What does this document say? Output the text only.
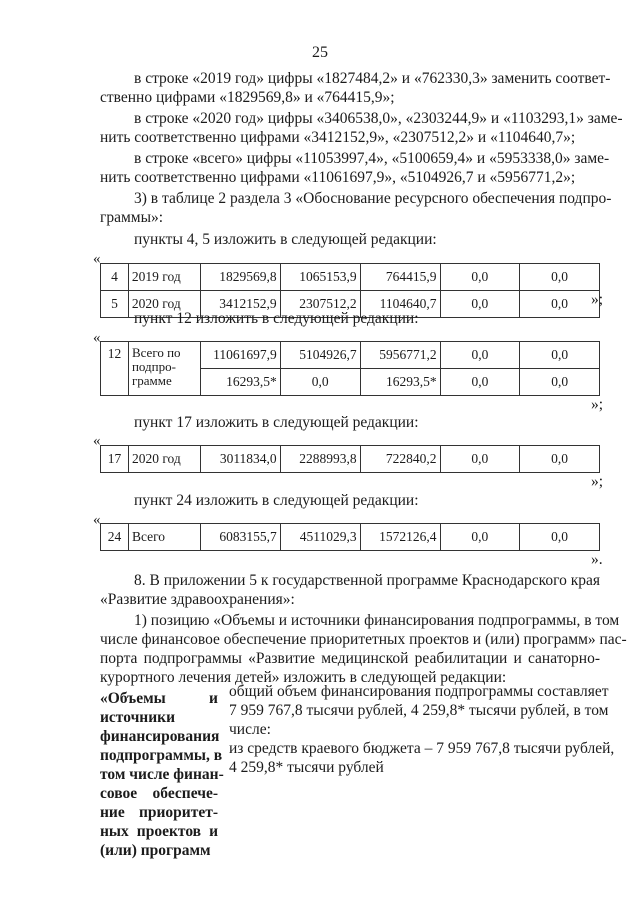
25
в строке «2019 год» цифры «1827484,2» и «762330,3» заменить соответ-
ственно цифрами «1829569,8» и «764415,9»;
в строке «2020 год» цифры «3406538,0», «2303244,9» и «1103293,1» заме-
нить соответственно цифрами «3412152,9», «2307512,2» и «1104640,7»;
в строке «всего» цифры «11053997,4», «5100659,4» и «5953338,0» заме-
нить соответственно цифрами «11061697,9», «5104926,7 и «5956771,2»;
3) в таблице 2 раздела 3 «Обоснование ресурсного обеспечения подпро-
граммы»:
пункты 4, 5 изложить в следующей редакции:
«
4	2019 год	1829569,8	1065153,9	764415,9	0,0	0,0
5	2020 год	3412152,9	2307512,2	1104640,7	0,0	0,0 »;
пункт 12 изложить в следующей редакции:
«
12	Всего по
подпро-
грамме	11061697,9	5104926,7	5956771,2	0,0	0,0
		16293,5*	0,0	16293,5*	0,0	0,0
»;
пункт 17 изложить в следующей редакции:
«
17	2020 год	3011834,0	2288993,8	722840,2	0,0	0,0
»;
пункт 24 изложить в следующей редакции:
«
24	Всего	6083155,7	4511029,3	1572126,4	0,0	0,0
».
8. В приложении 5 к государственной программе Краснодарского края
«Развитие здравоохранения»:
1) позицию «Объемы и источники финансирования подпрограммы, в том
числе финансовое обеспечение приоритетных проектов и (или) программ» пас-
порта подпрограммы «Развитие медицинской реабилитации и санаторно-
курортного лечения детей» изложить в следующей редакции:
«Объемы и
источники
финансирования
подпрограммы, в
том числе финан-
совое обеспече-
ние приоритет-
ных проектов и
(или) программ
общий объем финансирования подпрограммы составляет
7 959 767,8 тысячи рублей, 4 259,8* тысячи рублей, в том
числе:
из средств краевого бюджета – 7 959 767,8 тысячи рублей,
4 259,8* тысячи рублей
